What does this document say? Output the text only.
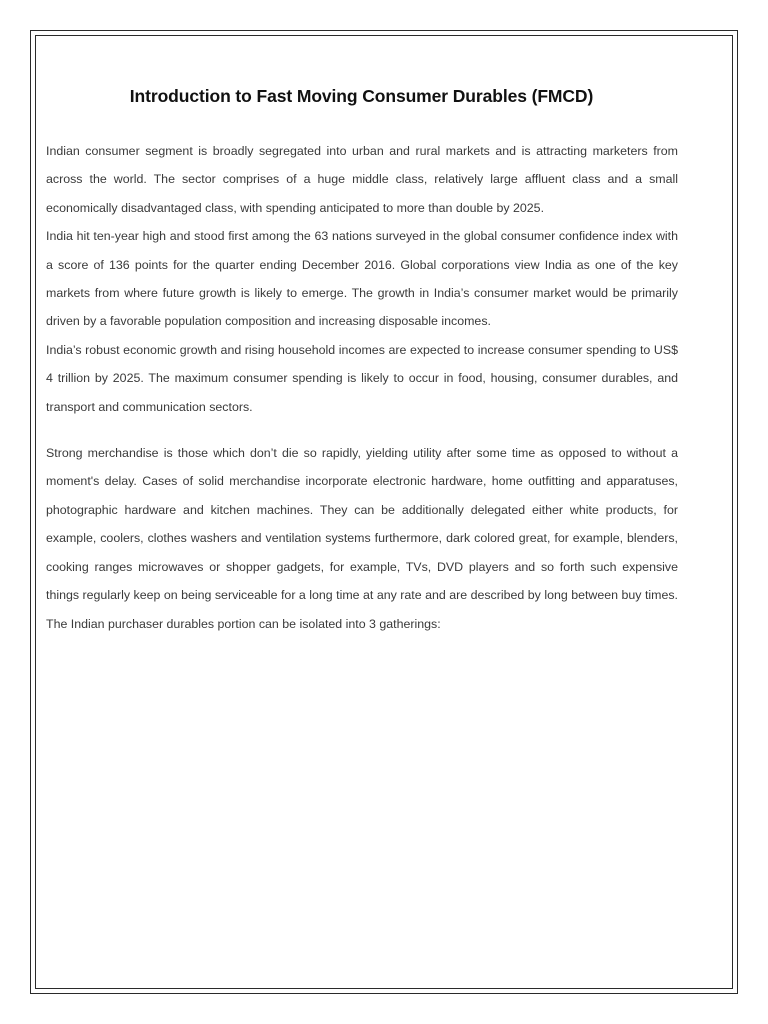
Introduction to Fast Moving Consumer Durables (FMCD)

Indian consumer segment is broadly segregated into urban and rural markets and is attracting marketers from across the world. The sector comprises of a huge middle class, relatively large affluent class and a small economically disadvantaged class, with spending anticipated to more than double by 2025.

India hit ten-year high and stood first among the 63 nations surveyed in the global consumer confidence index with a score of 136 points for the quarter ending December 2016. Global corporations view India as one of the key markets from where future growth is likely to emerge. The growth in India’s consumer market would be primarily driven by a favorable population composition and increasing disposable incomes.

India’s robust economic growth and rising household incomes are expected to increase consumer spending to US$ 4 trillion by 2025. The maximum consumer spending is likely to occur in food, housing, consumer durables, and transport and communication sectors.

Strong merchandise is those which don’t die so rapidly, yielding utility after some time as opposed to without a moment's delay. Cases of solid merchandise incorporate electronic hardware, home outfitting and apparatuses, photographic hardware and kitchen machines. They can be additionally delegated either white products, for example, coolers, clothes washers and ventilation systems furthermore, dark colored great, for example, blenders, cooking ranges microwaves or shopper gadgets, for example, TVs, DVD players and so forth such expensive things regularly keep on being serviceable for a long time at any rate and are described by long between buy times. The Indian purchaser durables portion can be isolated into 3 gatherings:
